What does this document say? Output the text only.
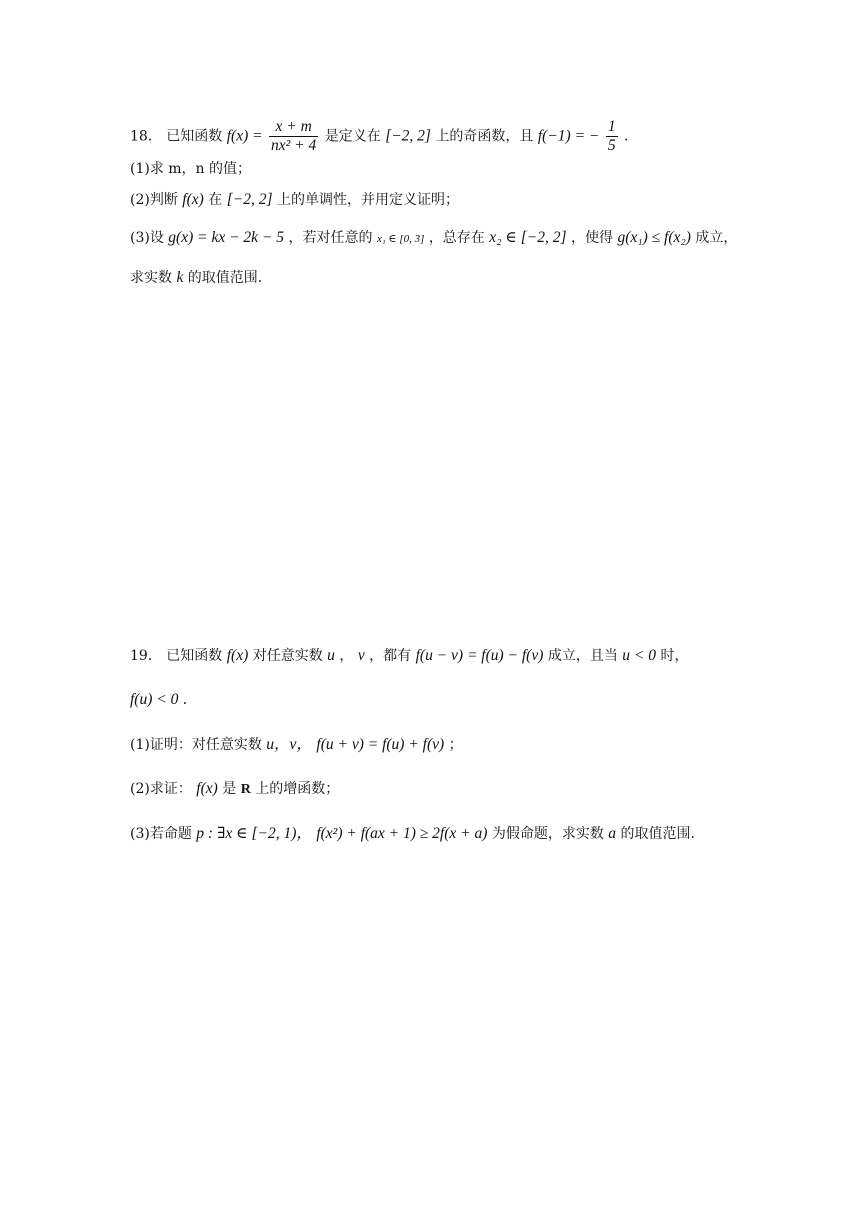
18． 已知函数 $f(x) = \frac{x + m}{\text{nx² + 4}}$ 是定义在 [−2, 2] 上的奇函数，且 f(−1) = − $\frac{1}{5}$ ．
(1)求 m，n 的值；
(2)判断 f(x) 在 [−2, 2] 上的单调性，并用定义证明；
(3)设 g(x) = kx − 2k − 5 ，若对任意的 x₁ ∈ [0, 3] ，总存在 x₂ ∈ [−2, 2] ，使得 g(x₁) ≤ f(x₂) 成立，
求实数 k 的取值范围．
19． 已知函数 f(x) 对任意实数 u ， v ，都有 f(u − v) = f(u) − f(v) 成立，且当 u < 0 时，
f(u) < 0 ．
(1)证明：对任意实数 u，v， f(u + v) = f(u) + f(v) ；
(2)求证： f(x) 是 R 上的增函数；
(3)若命题 p : ∃x ∈ [−2, 1)， f(x²) + f(ax + 1) ≥ 2f(x + a) 为假命题，求实数 a 的取值范围．
